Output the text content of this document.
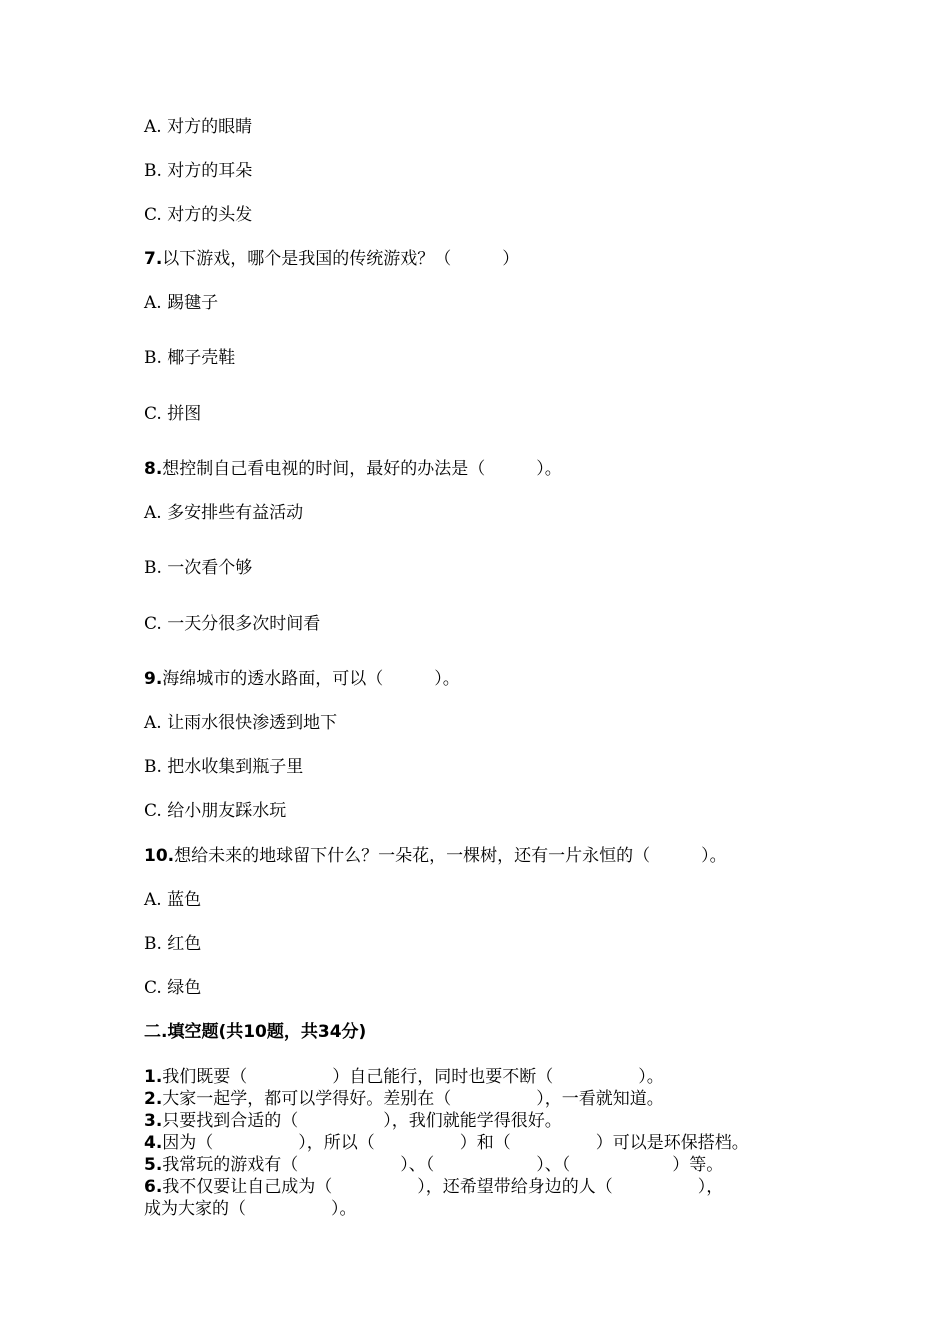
A. 对方的眼睛
B. 对方的耳朵
C. 对方的头发
7.以下游戏，哪个是我国的传统游戏？（　　　）
A. 踢毽子
B. 椰子壳鞋
C. 拼图
8.想控制自己看电视的时间，最好的办法是（　　　）。
A. 多安排些有益活动
B. 一次看个够
C. 一天分很多次时间看
9.海绵城市的透水路面，可以（　　　）。
A. 让雨水很快渗透到地下
B. 把水收集到瓶子里
C. 给小朋友踩水玩
10.想给未来的地球留下什么？一朵花，一棵树，还有一片永恒的（　　　）。
A. 蓝色
B. 红色
C. 绿色
二.填空题(共10题，共34分)
1.我们既要（　　　　　）自己能行，同时也要不断（　　　　　）。
2.大家一起学，都可以学得好。差别在（　　　　　），一看就知道。
3.只要找到合适的（　　　　　），我们就能学得很好。
4.因为（　　　　　），所以（　　　　　）和（　　　　　）可以是环保搭档。
5.我常玩的游戏有（　　　　　　）、（　　　　　　）、（　　　　　　）等。
6.我不仅要让自己成为（　　　　　），还希望带给身边的人（　　　　　），
成为大家的（　　　　　）。
